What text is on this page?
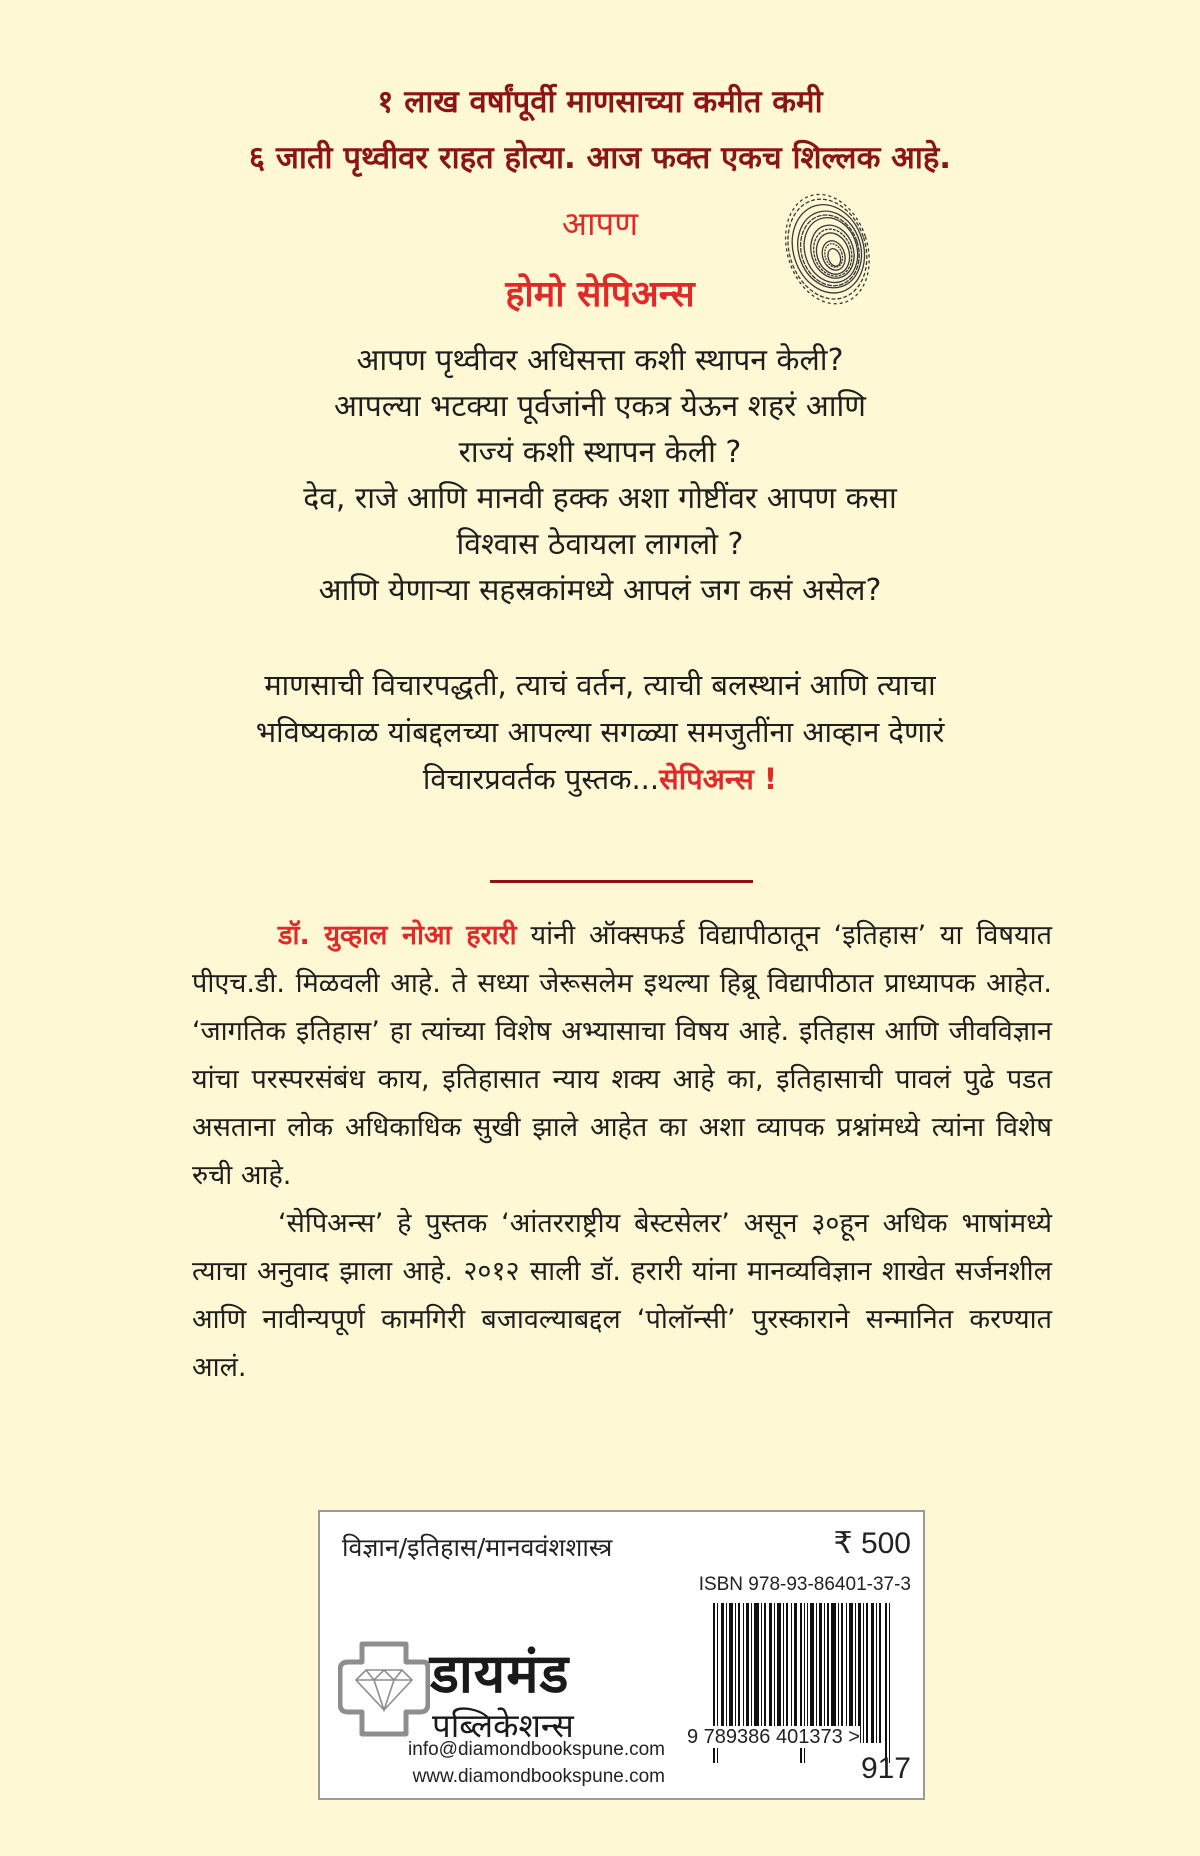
१ लाख वर्षांपूर्वी माणसाच्या कमीत कमी
६ जाती पृथ्वीवर राहत होत्या. आज फक्त एकच शिल्लक आहे.
आपण
होमो सेपिअन्स
आपण पृथ्वीवर अधिसत्ता कशी स्थापन केली?
आपल्या भटक्या पूर्वजांनी एकत्र येऊन शहरं आणि
राज्यं कशी स्थापन केली ?
देव, राजे आणि मानवी हक्क अशा गोष्टींवर आपण कसा
विश्वास ठेवायला लागलो ?
आणि येणाऱ्या सहस्रकांमध्ये आपलं जग कसं असेल?
माणसाची विचारपद्धती, त्याचं वर्तन, त्याची बलस्थानं आणि त्याचा
भविष्यकाळ यांबद्दलच्या आपल्या सगळ्या समजुतींना आव्हान देणारं
विचारप्रवर्तक पुस्तक...सेपिअन्स !

डॉ. युव्हाल नोआ हरारी यांनी ऑक्सफर्ड विद्यापीठातून ‘इतिहास’ या विषयात पीएच.डी. मिळवली आहे. ते सध्या जेरूसलेम इथल्या हिब्रू विद्यापीठात प्राध्यापक आहेत. ‘जागतिक इतिहास’ हा त्यांच्या विशेष अभ्यासाचा विषय आहे. इतिहास आणि जीवविज्ञान यांचा परस्परसंबंध काय, इतिहासात न्याय शक्य आहे का, इतिहासाची पावलं पुढे पडत असताना लोक अधिकाधिक सुखी झाले आहेत का अशा व्यापक प्रश्नांमध्ये त्यांना विशेष रुची आहे.

‘सेपिअन्स’ हे पुस्तक ‘आंतरराष्ट्रीय बेस्टसेलर’ असून ३०हून अधिक भाषांमध्ये त्याचा अनुवाद झाला आहे. २०१२ साली डॉ. हरारी यांना मानव्यविज्ञान शाखेत सर्जनशील आणि नावीन्यपूर्ण कामगिरी बजावल्याबद्दल ‘पोलॉन्सी’ पुरस्काराने सन्मानित करण्यात आलं.

विज्ञान/इतिहास/मानववंशशास्त्र	₹ 500
ISBN 978-93-86401-37-3
9 789386 401373 >
917
डायमंड
पब्लिकेशन्स
info@diamondbookspune.com
www.diamondbookspune.com
